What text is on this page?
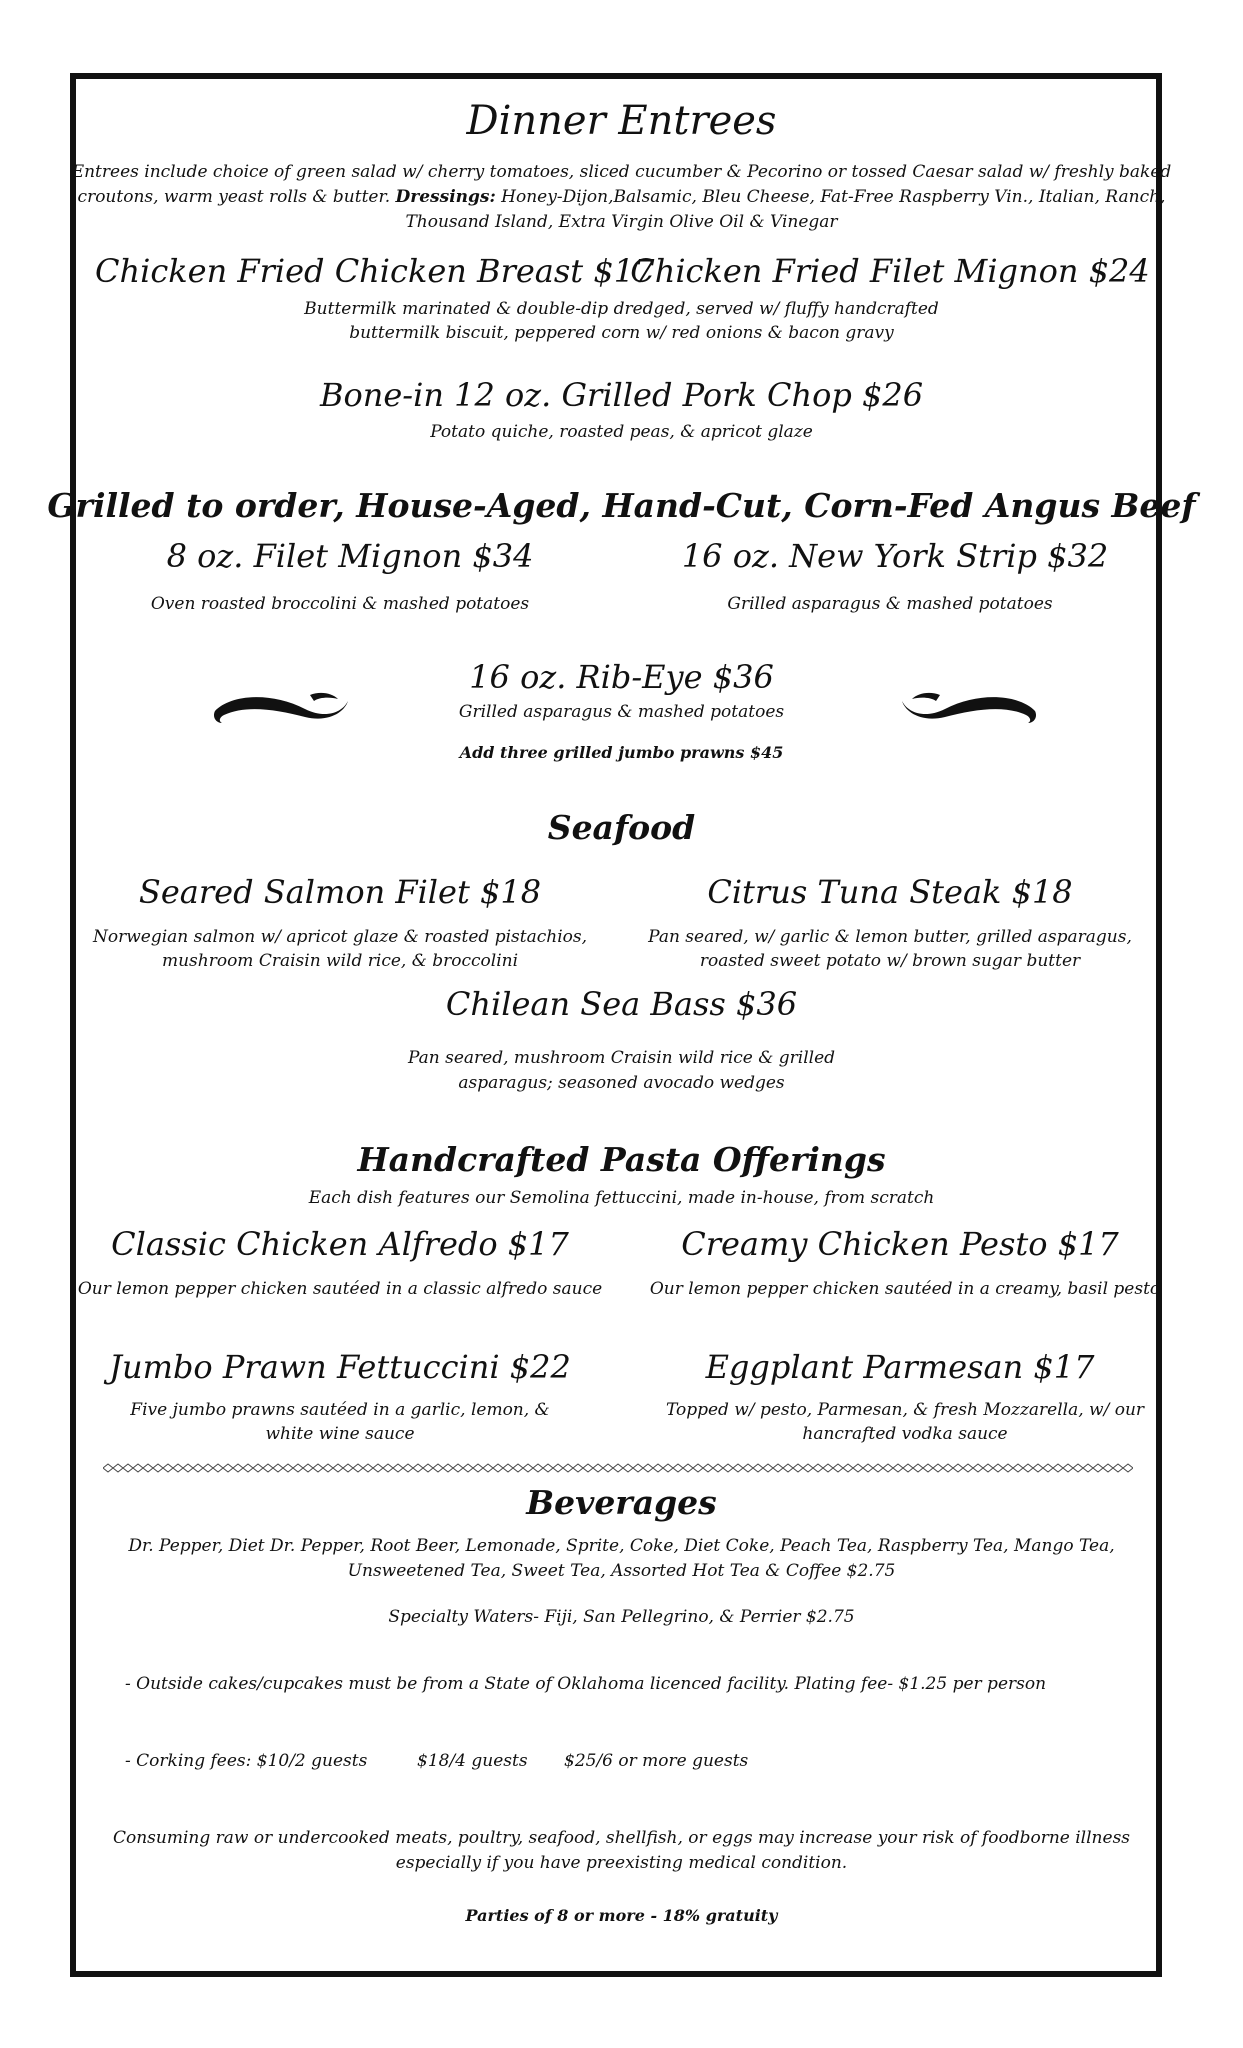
Dinner Entrees
Entrees include choice of green salad w/ cherry tomatoes, sliced cucumber & Pecorino or tossed Caesar salad w/ freshly baked
croutons, warm yeast rolls & butter. Dressings: Honey-Dijon,Balsamic, Bleu Cheese, Fat-Free Raspberry Vin., Italian, Ranch,
Thousand Island, Extra Virgin Olive Oil & Vinegar
Chicken Fried Chicken Breast $17
Chicken Fried Filet Mignon $24
Buttermilk marinated & double-dip dredged, served w/ fluffy handcrafted
buttermilk biscuit, peppered corn w/ red onions & bacon gravy
Bone-in 12 oz. Grilled Pork Chop $26
Potato quiche, roasted peas, & apricot glaze
Grilled to order, House-Aged, Hand-Cut, Corn-Fed Angus Beef
8 oz. Filet Mignon $34	16 oz. New York Strip $32
Oven roasted broccolini & mashed potatoes	Grilled asparagus & mashed potatoes
16 oz. Rib-Eye $36
Grilled asparagus & mashed potatoes
Add three grilled jumbo prawns $45
Seafood
Seared Salmon Filet $18	Citrus Tuna Steak $18
Norwegian salmon w/ apricot glaze & roasted pistachios,
mushroom Craisin wild rice, & broccolini
Pan seared, w/ garlic & lemon butter, grilled asparagus,
roasted sweet potato w/ brown sugar butter
Chilean Sea Bass $36
Pan seared, mushroom Craisin wild rice & grilled
asparagus; seasoned avocado wedges
Handcrafted Pasta Offerings
Each dish features our Semolina fettuccini, made in-house, from scratch
Classic Chicken Alfredo $17	Creamy Chicken Pesto $17
Our lemon pepper chicken sautéed in a classic alfredo sauce	Our lemon pepper chicken sautéed in a creamy, basil pesto
Jumbo Prawn Fettuccini $22	Eggplant Parmesan $17
Five jumbo prawns sautéed in a garlic, lemon, &
white wine sauce
Topped w/ pesto, Parmesan, & fresh Mozzarella, w/ our
hancrafted vodka sauce
Beverages
Dr. Pepper, Diet Dr. Pepper, Root Beer, Lemonade, Sprite, Coke, Diet Coke, Peach Tea, Raspberry Tea, Mango Tea,
Unsweetened Tea, Sweet Tea, Assorted Hot Tea & Coffee $2.75
Specialty Waters- Fiji, San Pellegrino, & Perrier $2.75
- Outside cakes/cupcakes must be from a State of Oklahoma licenced facility. Plating fee- $1.25 per person
- Corking fees: $10/2 guests	$18/4 guests $25/6 or more guests
Consuming raw or undercooked meats, poultry, seafood, shellfish, or eggs may increase your risk of foodborne illness
especially if you have preexisting medical condition.
Parties of 8 or more - 18% gratuity
